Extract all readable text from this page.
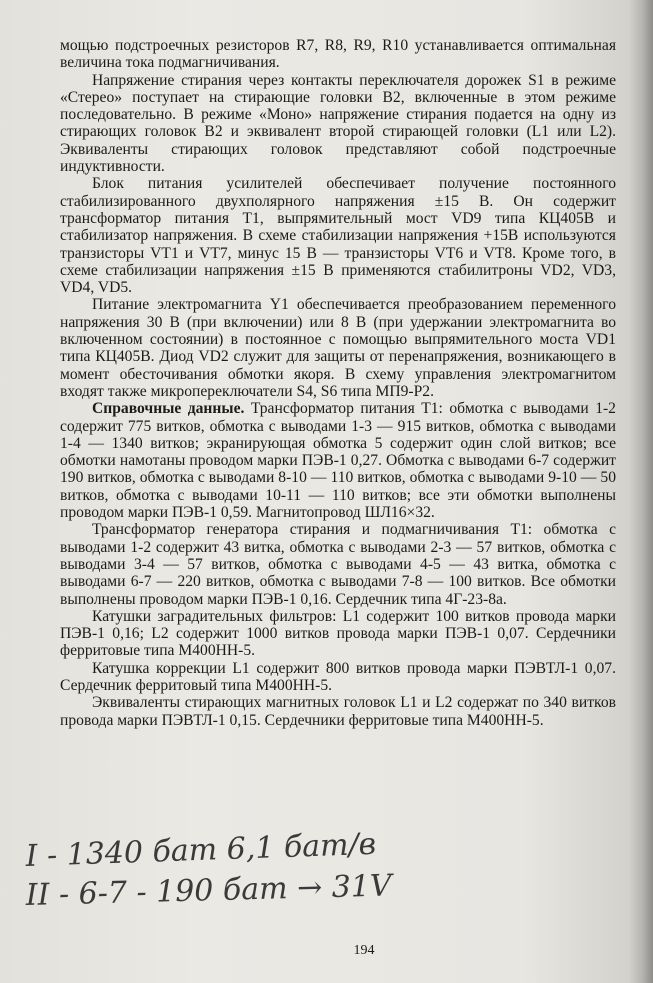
мощью подстроечных резисторов R7, R8, R9, R10 устанавливается оптимальная величина тока подмагничивания.

Напряжение стирания через контакты переключателя дорожек S1 в режиме «Стерео» поступает на стирающие головки B2, включенные в этом режиме последовательно. В режиме «Моно» напряжение стирания подается на одну из стирающих головок B2 и эквивалент второй стирающей головки (L1 или L2). Эквиваленты стирающих головок представляют собой подстроечные индуктивности.

Блок питания усилителей обеспечивает получение постоянного стабилизированного двухполярного напряжения ±15 В. Он содержит трансформатор питания T1, выпрямительный мост VD9 типа КЦ405В и стабилизатор напряжения. В схеме стабилизации напряжения +15В используются транзисторы VT1 и VT7, минус 15 В — транзисторы VT6 и VT8. Кроме того, в схеме стабилизации напряжения ±15 В применяются стабилитроны VD2, VD3, VD4, VD5.

Питание электромагнита Y1 обеспечивается преобразованием переменного напряжения 30 В (при включении) или 8 В (при удержании электромагнита во включенном состоянии) в постоянное с помощью выпрямительного моста VD1 типа КЦ405В. Диод VD2 служит для защиты от перенапряжения, возникающего в момент обесточивания обмотки якоря. В схему управления электромагнитом входят также микропереключатели S4, S6 типа МП9-Р2.

Справочные данные. Трансформатор питания T1: обмотка с выводами 1-2 содержит 775 витков, обмотка с выводами 1-3 — 915 витков, обмотка с выводами 1-4 — 1340 витков; экранирующая обмотка 5 содержит один слой витков; все обмотки намотаны проводом марки ПЭВ-1 0,27. Обмотка с выводами 6-7 содержит 190 витков, обмотка с выводами 8-10 — 110 витков, обмотка с выводами 9-10 — 50 витков, обмотка с выводами 10-11 — 110 витков; все эти обмотки выполнены проводом марки ПЭВ-1 0,59. Магнитопровод ШЛ16×32.

Трансформатор генератора стирания и подмагничивания T1: обмотка с выводами 1-2 содержит 43 витка, обмотка с выводами 2-3 — 57 витков, обмотка с выводами 3-4 — 57 витков, обмотка с выводами 4-5 — 43 витка, обмотка с выводами 6-7 — 220 витков, обмотка с выводами 7-8 — 100 витков. Все обмотки выполнены проводом марки ПЭВ-1 0,16. Сердечник типа 4Г-23-8а.

Катушки заградительных фильтров: L1 содержит 100 витков провода марки ПЭВ-1 0,16; L2 содержит 1000 витков провода марки ПЭВ-1 0,07. Сердечники ферритовые типа М400НН-5.

Катушка коррекции L1 содержит 800 витков провода марки ПЭВТЛ-1 0,07. Сердечник ферритовый типа М400НН-5.

Эквиваленты стирающих магнитных головок L1 и L2 содержат по 340 витков провода марки ПЭВТЛ-1 0,15. Сердечники ферритовые типа М400НН-5.

I - 1340 бат 6,1 бат/в
II - 6-7 - 190 бат → 31V
194
